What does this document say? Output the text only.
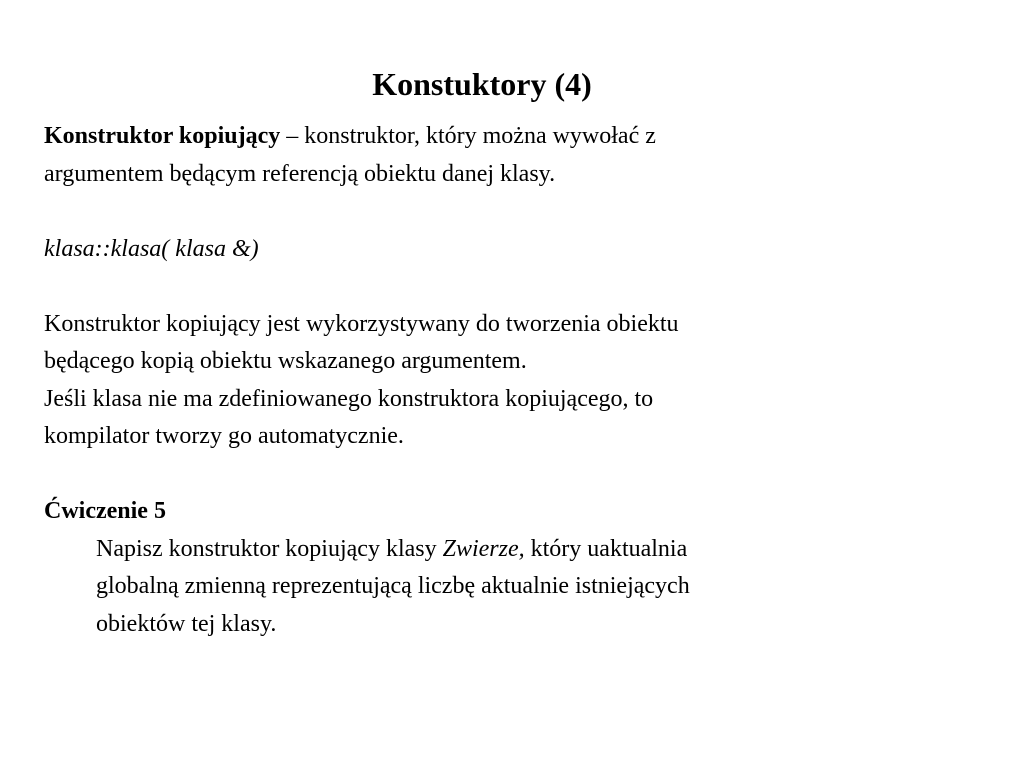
Konstuktory (4)

Konstruktor kopiujący – konstruktor, który można wywołać z

argumentem będącym referencją obiektu danej klasy.

klasa::klasa( klasa &)

Konstruktor kopiujący jest wykorzystywany do tworzenia obiektu

będącego kopią obiektu wskazanego argumentem.

Jeśli klasa nie ma zdefiniowanego konstruktora kopiującego, to

kompilator tworzy go automatycznie.

Ćwiczenie 5

Napisz konstruktor kopiujący klasy Zwierze, który uaktualnia

globalną zmienną reprezentującą liczbę aktualnie istniejących

obiektów tej klasy.
